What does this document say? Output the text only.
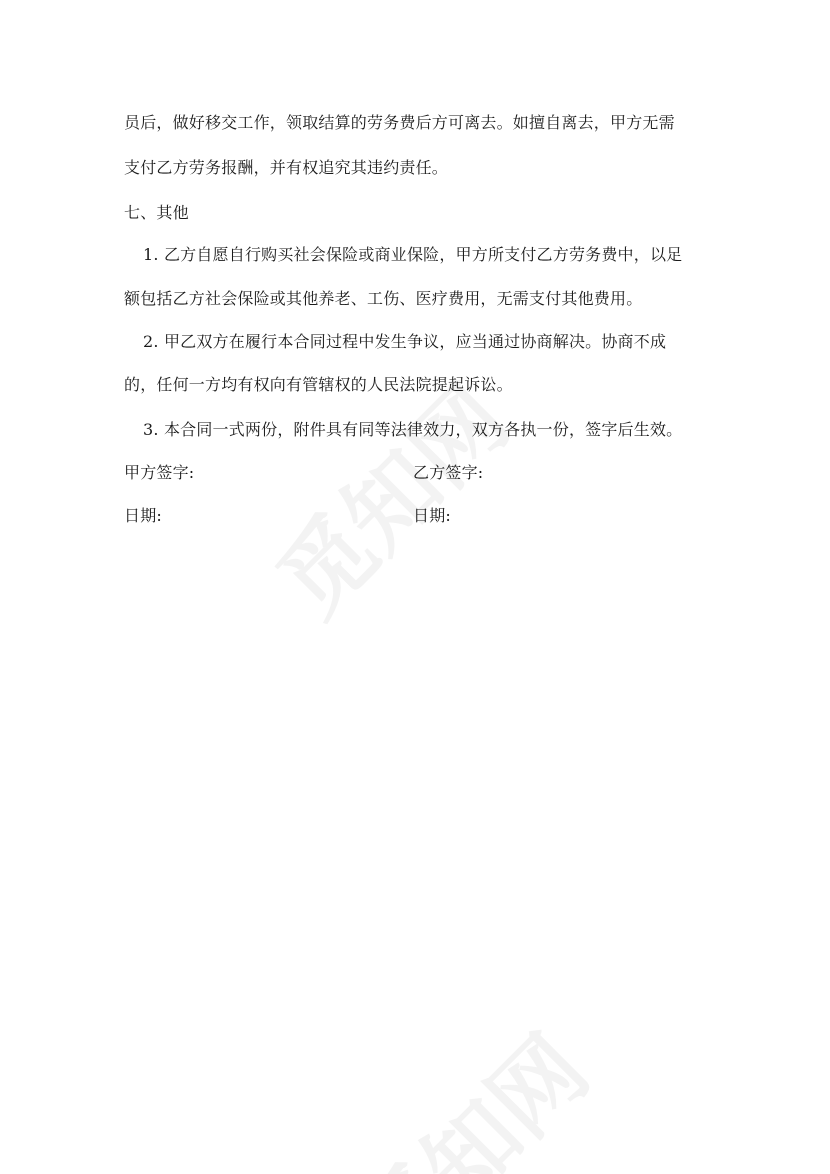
员后，做好移交工作，领取结算的劳务费后方可离去。如擅自离去，甲方无需
支付乙方劳务报酬，并有权追究其违约责任。
七、其他
1. 乙方自愿自行购买社会保险或商业保险，甲方所支付乙方劳务费中，以足
额包括乙方社会保险或其他养老、工伤、医疗费用，无需支付其他费用。
2. 甲乙双方在履行本合同过程中发生争议，应当通过协商解决。协商不成
的，任何一方均有权向有管辖权的人民法院提起诉讼。
3. 本合同一式两份，附件具有同等法律效力，双方各执一份，签字后生效。
甲方签字:	乙方签字:
日期:	日期:
